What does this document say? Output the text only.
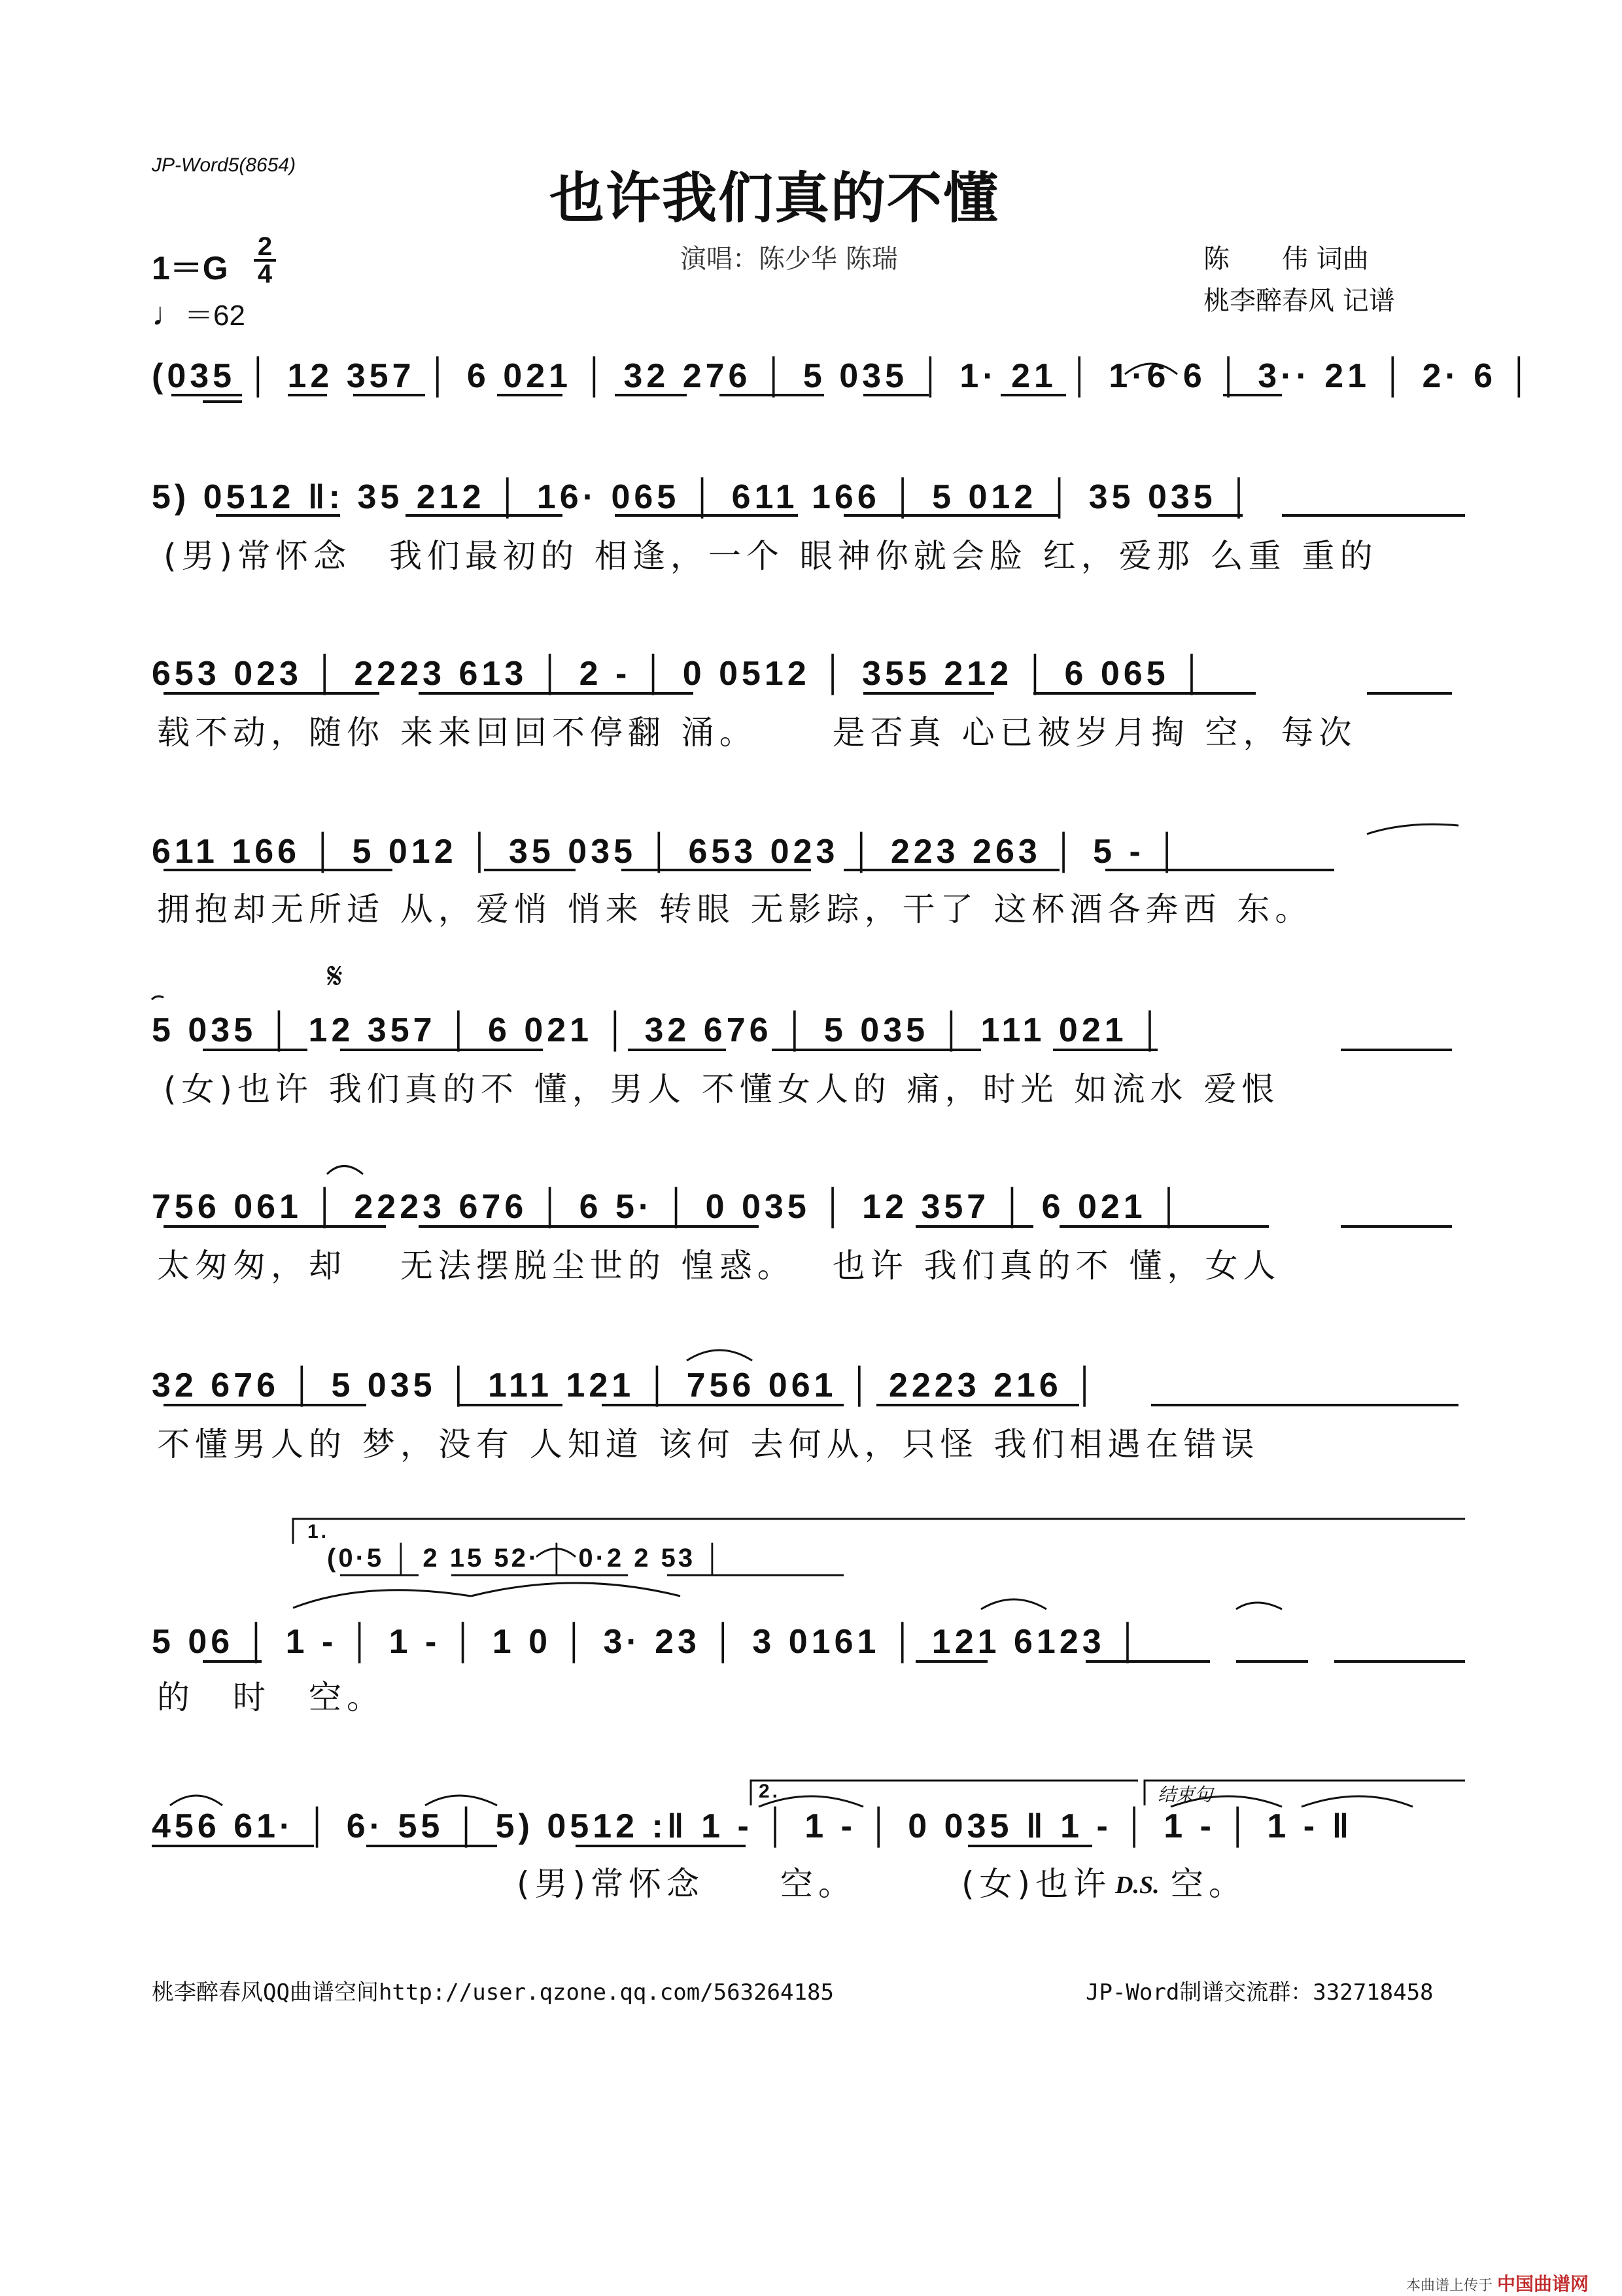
JP-Word5(8654)
也许我们真的不懂
1＝G
2
4
♩＝62
演唱：陈少华 陈瑞	陈　　伟 词曲
桃李醉春风 记谱
(035 │ 12 357 │ 6 021 │ 32 276 │ 5 035 │ 1· 21 │ 1·6 6 │ 3·· 21 │ 2· 6 │
5) 0512 ‖: 35 212 │ 16· 065 │ 611 166 │ 5 012 │ 35 035 │
(男)常怀念　我们最初的 相逢，一个 眼神你就会脸 红，爱那 么重 重的
653 023 │ 2223 613 │ 2 - │ 0 0512 │ 355 212 │ 6 065 │
载不动，随你 来来回回不停翻 涌。　　 是否真 心已被岁月掏 空，每次
611 166 │ 5 012 │ 35 035 │ 653 023 │ 223 263 │ 5 - │
拥抱却无所适 从，爱悄 悄来 转眼 无影踪，干了 这杯酒各奔西 东。
𝄋
5 035 │ 12 357 │ 6 021 │ 32 676 │ 5 035 │ 111 021 │
(女)也许 我们真的不 懂，男人 不懂女人的 痛，时光 如流水 爱恨
756 061 │ 2223 676 │ 6 5· │ 0 035 │ 12 357 │ 6 021 │
太匆匆，却　 无法摆脱尘世的 惶惑。　 也许 我们真的不 懂，女人
32 676 │ 5 035 │ 111 121 │ 756 061 │ 2223 216 │
不懂男人的 梦，没有 人知道 该何 去何从，只怪 我们相遇在错误
1.
(0·5 │ 2 15 52· │ 0·2 2 53 │
5 06 │ 1 - │ 1 - │ 1 0 │ 3· 23 │ 3 0161 │ 121 6123 │
的　时　空。
2.	结束句
456 61· │ 6· 55 │ 5) 0512 :‖ 1 - │ 1 - │ 0 035 ‖ 1 - │ 1 - │ 1 - ‖
(男)常怀念　　空。	(女)也许 D.S. 空。
桃李醉春风QQ曲谱空间http://user.qzone.qq.com/563264185	JP-Word制谱交流群：332718458
本曲谱上传于 中国曲谱网
